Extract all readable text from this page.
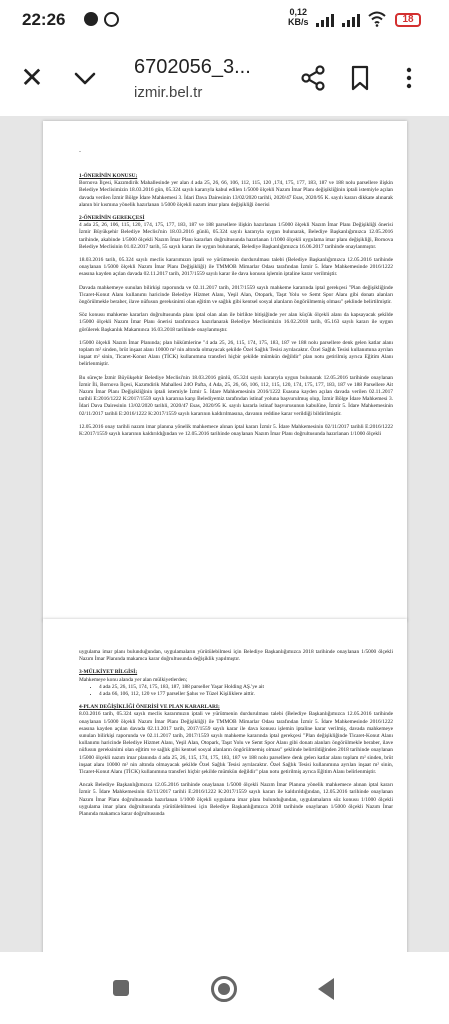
22:26	0,12
KB/s	18
✕	6702056_3...
izmir.bel.tr
-

1-ÖNERİNİN KONUSU;

Bornova İlçesi, Kazımdirik Mahallesinde yer alan 4 ada 25, 26, 66, 106, 112, 115, 120 ,174, 175, 177, 183, 187 ve 188 nolu parsellere ilişkin Belediye Meclisimizin 18.03.2016 gün, 05.324 sayılı kararıyla kabul edilen 1/5000 ölçekli Nazım İmar Planı değişikliğinin iptali istemiyle açılan davada verilen İzmir Bölge İdare Mahkemesi 3. İdari Dava Dairesinin 13/02/2020 tarihli, 2020/47 Esas, 2020/95 K. sayılı kararı dikkate alınarak alanın bir kısmına yönelik hazırlanan 1/5000 ölçekli nazım imar planı değişikliği önerisi

2-ÖNERİNİN GEREKÇESİ

4 ada 25, 26, 106, 115, 120, 174, 175, 177, 183, 187 ve 188 parsellere ilişkin hazırlanan 1/5000 ölçekli Nazım İmar Planı Değişikliği önerisi İzmir Büyükşehir Belediye Meclisi'nin 18.03.2016 günlü, 05.324 sayılı kararıyla uygun bulunarak, Belediye Başkanlığımızca 12.05.2016 tarihinde, akabinde 1/5000 ölçekli Nazım İmar Planı kararları doğrultusunda hazırlanan 1/1000 ölçekli uygulama imar planı değişikliği, Bornova Belediye Meclisinin 01.02.2017 tarih, 55 sayılı kararı ile uygun bulunarak, Belediye Başkanlığımızca 16.06.2017 tarihinde onaylanmıştır.

18.03.2016 tarih, 05.324 sayılı meclis kararımızın iptali ve yürütmenin durdurulması talebi (Belediye Başkanlığımızca 12.05.2016 tarihinde onaylanan 1/5000 ölçekli Nazım İmar Planı Değişikliği) ile TMMOB Mimarlar Odası tarafından İzmir 5. İdare Mahkemesinde 2016/1222 esasına kayden açılan davada 02.11.2017 tarih, 2017/1559 sayılı karar ile dava konusu işlemin iptaline karar verilmiştir.

Davada mahkemeye sunulan bilirkişi raporunda ve 02.11.2017 tarih, 2017/1559 sayılı mahkeme kararında iptal gerekçesi "Plan değişikliğinde Ticaret-Konut Alanı kullanımı haricinde Belediye Hizmet Alanı, Yeşil Alan, Otopark, Taşıt Yolu ve Semt Spor Alanı gibi donatı alanları öngörülmekle beraber, ilave nüfusun gereksinimi olan eğitim ve sağlık gibi kentsel sosyal alanların öngörülmemiş olması" şeklinde belirtilmiştir.

Söz konusu mahkeme kararları doğrultusunda planı iptal olan alan ile birlikte bitişiğinde yer alan küçük ölçekli alanı da kapsayacak şekilde 1/5000 ölçekli Nazım İmar Planı önerisi tarafımızca hazırlanarak Belediye Meclisimizin 16.02.2018 tarih, 05.163 sayılı kararı ile uygun görülerek Başkanlık Makamınca 16.03.2018 tarihinde onaylanmıştır.

1/5000 ölçekli Nazım İmar Planında; plan hükümlerine "4 ada 25, 26, 115, 174, 175, 183, 187 ve 188 nolu parsellere denk gelen katlar alanı toplam m² sinden, brüt inşaat alanı 10000 m² nin altında olmayacak şekilde Özel Sağlık Tesisi ayrılacaktır. Özel Sağlık Tesisi kullanımına ayrılan inşaat m² sinin, Ticaret-Konut Alanı (TİCK) kullanımına transferi hiçbir şekilde mümkün değildir" plan notu getirilmiş ayrıca Eğitim Alanı belirlenmiştir.

Bu süreçte İzmir Büyükşehir Belediye Meclisi'nin 18.03.2016 günlü, 05.324 sayılı kararıyla uygun bulunarak 12.05.2016 tarihinde onaylanan İzmir İli, Bornova İlçesi, Kazımdirik Mahallesi 24O Pafta, 4 Ada, 25, 26, 66, 106, 112, 115, 120, 174, 175, 177, 183, 187 ve 188 Parsellere Ait Nazım İmar Planı Değişikliğinin iptali istemiyle İzmir 5. İdare Mahkemesinin 2016/1222 Esasına kayden açılan davada verilen 02.11.2017 tarihli E:2016/1222 K:2017/1559 sayılı kararına karşı Belediyemiz tarafından istinaf yoluna başvurulmuş olup, İzmir Bölge İdare Mahkemesi 3. İdari Dava Dairesinin 13/02/2020 tarihli, 2020/47 Esas, 2020/95 K. sayılı kararla istinaf başvurusunun kabulüne, İzmir 5. İdare Mahkemesinin 02/11/2017 tarihli E:2016/1222 K:2017/1559 sayılı kararının kaldırılmasına, davanın reddine karar verildiği bildirilmiştir.

12.05.2016 onay tarihli nazım imar planına yönelik mahkemece alınan iptal kararı İzmir 5. İdare Mahkemesinin 02/11/2017 tarihli E:2016/1222 K:2017/1559 sayılı kararının kaldırıldığından ve 12.05.2016 tarihinde onaylanan Nazım İmar Planı doğrultusunda hazırlanan 1/1000 ölçekli

uygulama imar planı bulunduğundan, uygulamaların yürütülebilmesi için Belediye Başkanlığımızca 2018 tarihinde onaylanan 1/5000 ölçekli Nazım İmar Planında makamca karar doğrultusunda değişiklik yapılmıştır.

3-MÜLKİYET BİLGİSİ;

Mahkemeye konu alanda yer alan mülkiyetlerden;

• 4 ada 25, 26, 115, 174, 175, 183, 187, 188 parseller Yaşar Holding AŞ.'ye ait
• 4 ada 66, 106, 112, 120 ve 177 parseller Şahıs ve Tüzel Kişiliklere aittir.

4-PLAN DEĞİŞİKLİĞİ ÖNERİSİ VE PLAN KARARLARI;

8.03.2016 tarih, 05.324 sayılı meclis kararımızın iptali ve yürütmenin durdurulması talebi (Belediye Başkanlığımızca 12.05.2016 tarihinde onaylanan 1/5000 ölçekli Nazım İmar Planı Değişikliği) ile TMMOB Mimarlar Odası tarafından İzmir 5. İdare Mahkemesinde 2016/1222 esasına kayden açılan davada 02.11.2017 tarih, 2017/1559 sayılı karar ile dava konusu işlemin iptaline karar verilmiş, davada mahkemeye sunulan bilirkişi raporunda ve 02.11.2017 tarih, 2017/1559 sayılı mahkeme kararında iptal gerekçesi "Plan değişikliğinde Ticaret-Konut Alanı kullanımı haricinde Belediye Hizmet Alanı, Yeşil Alan, Otopark, Taşıt Yolu ve Semt Spor Alanı gibi donatı alanları öngörülmekle beraber, ilave nüfusun gereksinimi olan eğitim ve sağlık gibi kentsel sosyal alanların öngörülmemiş olması" şeklinde belirtildiğinden 2018 tarihinde onaylanan 1/5000 ölçekli nazım imar planında 4 ada 25, 26, 115, 174, 175, 183, 187 ve 188 nolu parsellere denk gelen katlar alanı toplam m² sinden, brüt inşaat alanı 10000 m² nin altında olmayacak şekilde Özel Sağlık Tesisi ayrılacaktır. Özel Sağlık Tesisi kullanımına ayrılan inşaat m² sinin, Ticaret-Konut Alanı (TİCK) kullanımına transferi hiçbir şekilde mümkün değildir" plan notu getirilmiş ayrıca Eğitim Alanı belirlenmiştir.

Ancak Belediye Başkanlığımızca 12.05.2016 tarihinde onaylanan 1/5000 ölçekli Nazım İmar Planına yönelik mahkemece alınan iptal kararı İzmir 5. İdare Mahkemesinin 02/11/2017 tarihli E:2016/1222 K:2017/1559 sayılı kararı ile kaldırıldığından, 12.05.2016 tarihinde onaylanan Nazım İmar Planı doğrultusunda hazırlanan 1/1000 ölçekli uygulama imar planı bulunduğundan, uygulamaların söz konusu 1/1000 ölçekli uygulama imar planı doğrultusunda yürütülebilmesi için Belediye Başkanlığımızca 2018 tarihinde onaylanan 1/5000 ölçekli Nazım İmar Planında makamca karar doğrultusunda
